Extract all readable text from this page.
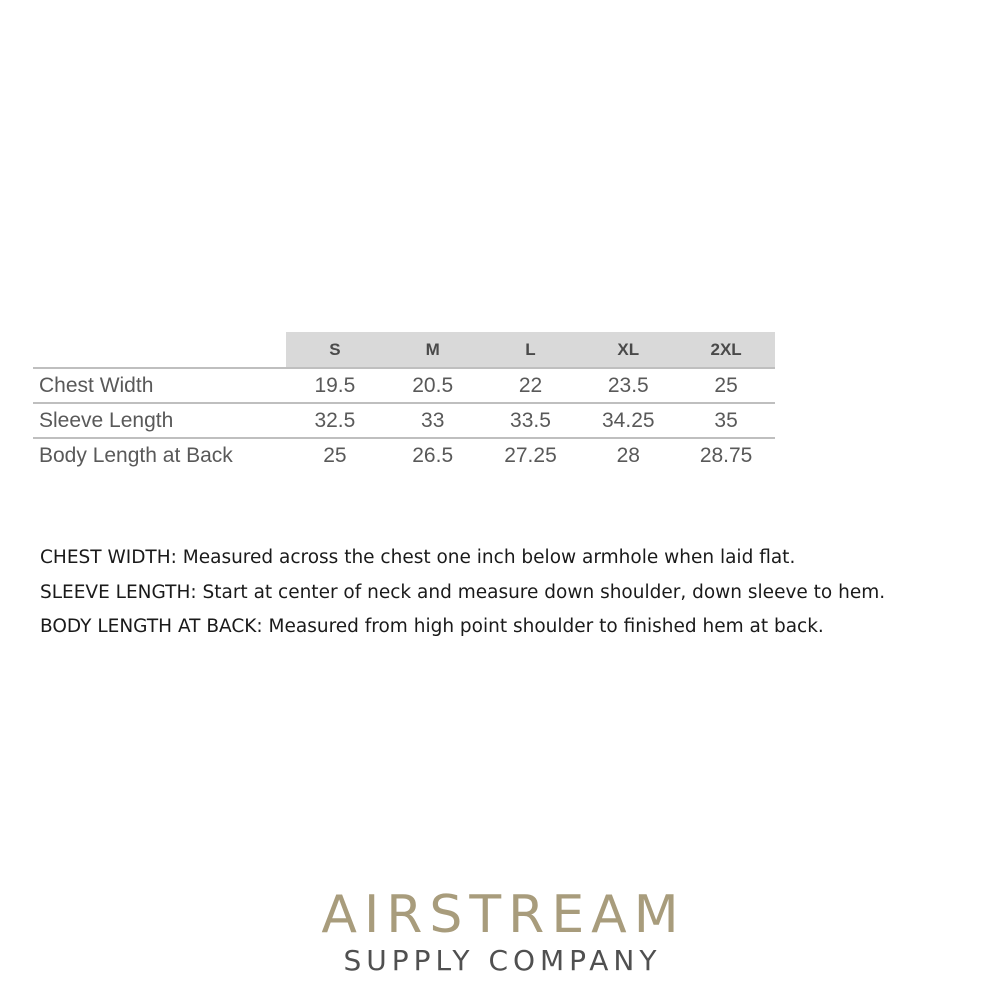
	S	M	L	XL	2XL
Chest Width	19.5	20.5	22	23.5	25
Sleeve Length	32.5	33	33.5	34.25	35
Body Length at Back	25	26.5	27.25	28	28.75

CHEST WIDTH: Measured across the chest one inch below armhole when laid flat.

SLEEVE LENGTH: Start at center of neck and measure down shoulder, down sleeve to hem.

BODY LENGTH AT BACK: Measured from high point shoulder to finished hem at back.

AIRSTREAM
SUPPLY COMPANY
